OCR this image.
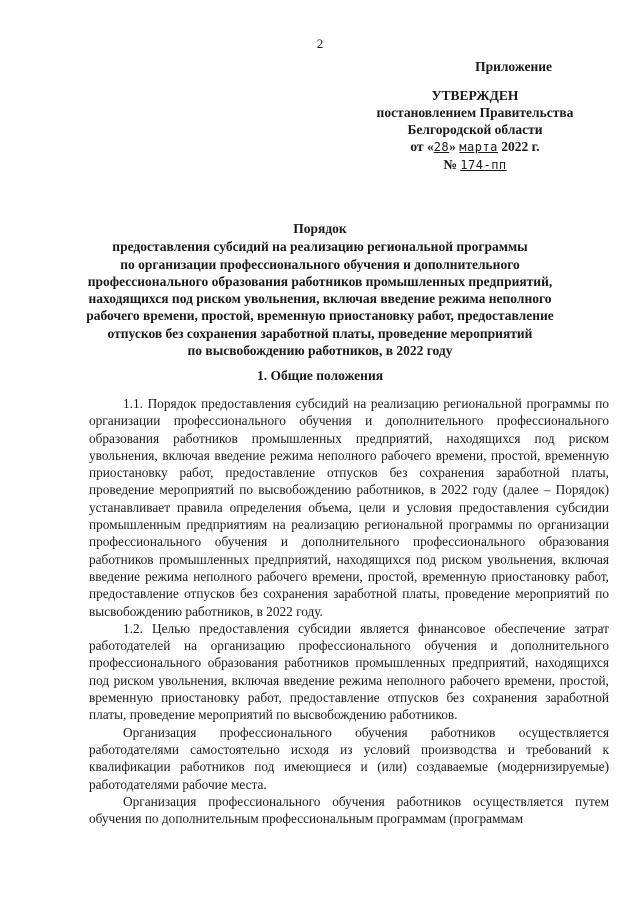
2
Приложение
УТВЕРЖДЕН
постановлением Правительства
Белгородской области
от «28» марта 2022 г.
№ 174-пп
Порядок
предоставления субсидий на реализацию региональной программы
по организации профессионального обучения и дополнительного
профессионального образования работников промышленных предприятий,
находящихся под риском увольнения, включая введение режима неполного
рабочего времени, простой, временную приостановку работ, предоставление
отпусков без сохранения заработной платы, проведение мероприятий
по высвобождению работников, в 2022 году
1. Общие положения

1.1. Порядок предоставления субсидий на реализацию региональной программы по организации профессионального обучения и дополнительного профессионального образования работников промышленных предприятий, находящихся под риском увольнения, включая введение режима неполного рабочего времени, простой, временную приостановку работ, предоставление отпусков без сохранения заработной платы, проведение мероприятий по высвобождению работников, в 2022 году (далее – Порядок) устанавливает правила определения объема, цели и условия предоставления субсидии промышленным предприятиям на реализацию региональной программы по организации профессионального обучения и дополнительного профессионального образования работников промышленных предприятий, находящихся под риском увольнения, включая введение режима неполного рабочего времени, простой, временную приостановку работ, предоставление отпусков без сохранения заработной платы, проведение мероприятий по высвобождению работников, в 2022 году.

1.2. Целью предоставления субсидии является финансовое обеспечение затрат работодателей на организацию профессионального обучения и дополнительного профессионального образования работников промышленных предприятий, находящихся под риском увольнения, включая введение режима неполного рабочего времени, простой, временную приостановку работ, предоставление отпусков без сохранения заработной платы, проведение мероприятий по высвобождению работников.

Организация профессионального обучения работников осуществляется работодателями самостоятельно исходя из условий производства и требований к квалификации работников под имеющиеся и (или) создаваемые (модернизируемые) работодателями рабочие места.

Организация профессионального обучения работников осуществляется путем обучения по дополнительным профессиональным программам (программам
